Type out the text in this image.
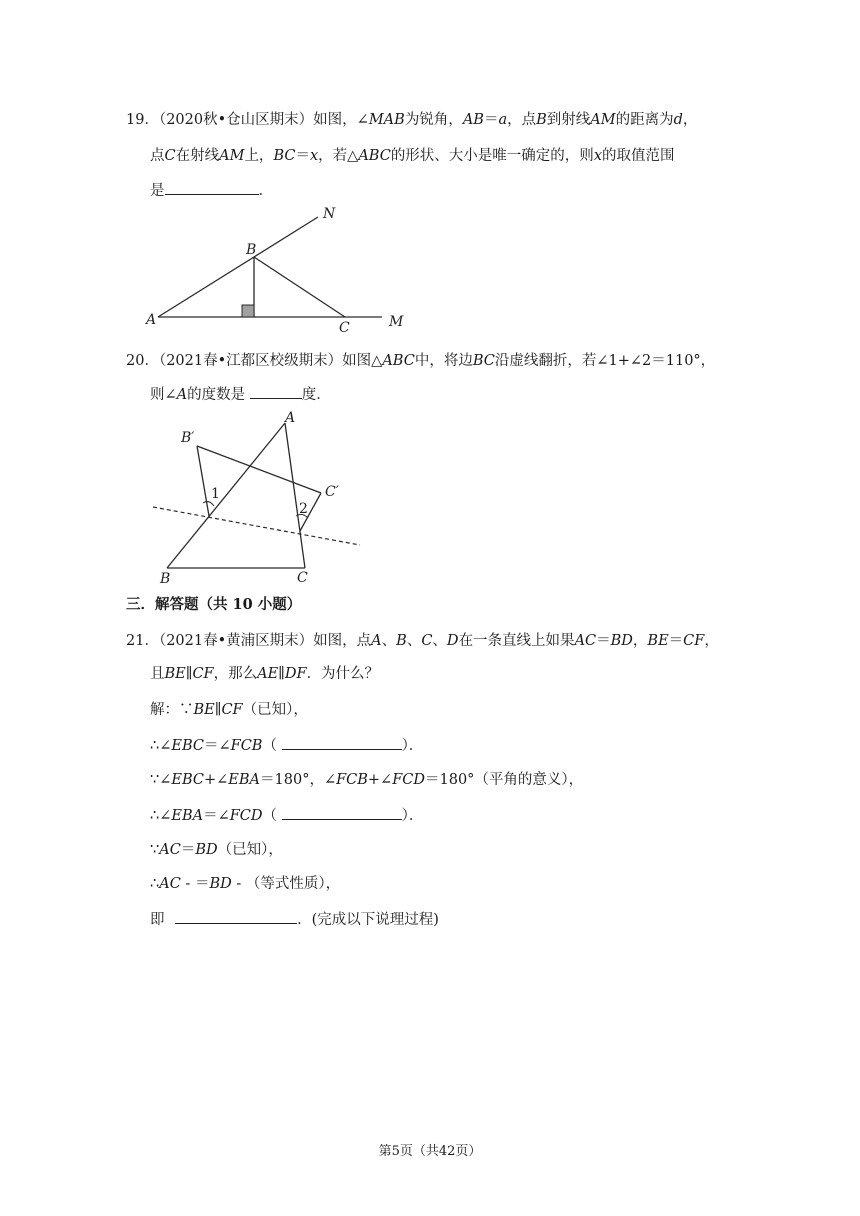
19．（2020秋•仓山区期末）如图，∠MAB为锐角，AB＝a，点B到射线AM的距离为d，
点C在射线AM上，BC＝x，若△ABC的形状、大小是唯一确定的，则x的取值范围
是	．
N
B
A	C	M
20．（2021春•江都区校级期末）如图△ABC中，将边BC沿虚线翻折，若∠1+∠2＝110°，
则∠A的度数是	度．
A
B′
C′
B	C
1
2
三．解答题（共 10 小题）
21．（2021春•黄浦区期末）如图，点A、B、C、D在一条直线上如果AC＝BD，BE＝CF，
且BE∥CF，那么AE∥DF．为什么？
解：∵BE∥CF（已知），
∴∠EBC＝∠FCB（	）．
∵∠EBC+∠EBA＝180°，∠FCB+∠FCD＝180°（平角的意义），
∴∠EBA＝∠FCD（	）．
∵AC＝BD（已知），
∴AC - ＝BD - （等式性质），
即	．(完成以下说理过程)
第5页（共42页）
